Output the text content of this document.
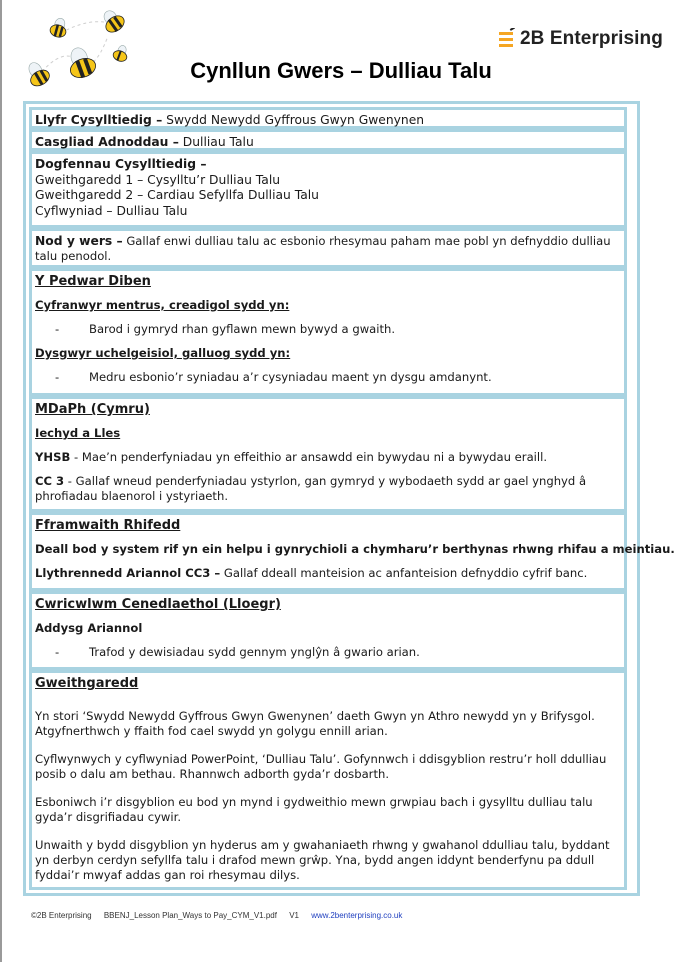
2B Enterprising
Cynllun Gwers – Dulliau Talu
Llyfr Cysylltiedig – Swydd Newydd Gyffrous Gwyn Gwenynen
Casgliad Adnoddau – Dulliau Talu
Dogfennau Cysylltiedig –
Gweithgaredd 1 – Cysylltu’r Dulliau Talu
Gweithgaredd 2 – Cardiau Sefyllfa Dulliau Talu
Cyflwyniad – Dulliau Talu
Nod y wers – Gallaf enwi dulliau talu ac esbonio rhesymau paham mae pobl yn defnyddio dulliau talu penodol.
Y Pedwar Diben
Cyfranwyr mentrus, creadigol sydd yn:
-	Barod i gymryd rhan gyflawn mewn bywyd a gwaith.
Dysgwyr uchelgeisiol, galluog sydd yn:
-	Medru esbonio’r syniadau a’r cysyniadau maent yn dysgu amdanynt.
MDaPh (Cymru)
Iechyd a Lles
YHSB - Mae’n penderfyniadau yn effeithio ar ansawdd ein bywydau ni a bywydau eraill.
CC 3 - Gallaf wneud penderfyniadau ystyrlon, gan gymryd y wybodaeth sydd ar gael ynghyd â phrofiadau blaenorol i ystyriaeth.
Fframwaith Rhifedd
Deall bod y system rif yn ein helpu i gynrychioli a chymharu’r berthynas rhwng rhifau a meintiau.
Llythrennedd Ariannol CC3 – Gallaf ddeall manteision ac anfanteision defnyddio cyfrif banc.
Cwricwlwm Cenedlaethol (Lloegr)
Addysg Ariannol
-	Trafod y dewisiadau sydd gennym ynglŷn â gwario arian.
Gweithgaredd
Yn stori ‘Swydd Newydd Gyffrous Gwyn Gwenynen’ daeth Gwyn yn Athro newydd yn y Brifysgol. Atgyfnerthwch y ffaith fod cael swydd yn golygu ennill arian.
Cyflwynwych y cyflwyniad PowerPoint, ‘Dulliau Talu’. Gofynnwch i ddisgyblion restru’r holl ddulliau posib o dalu am bethau. Rhannwch adborth gyda’r dosbarth.
Esboniwch i’r disgyblion eu bod yn mynd i gydweithio mewn grwpiau bach i gysylltu dulliau talu gyda’r disgrifiadau cywir.
Unwaith y bydd disgyblion yn hyderus am y gwahaniaeth rhwng y gwahanol ddulliau talu, byddant yn derbyn cerdyn sefyllfa talu i drafod mewn grŵp. Yna, bydd angen iddynt benderfynu pa ddull fyddai’r mwyaf addas gan roi rhesymau dilys.
©2B Enterprising BBENJ_Lesson Plan_Ways to Pay_CYM_V1.pdf V1 www.2benterprising.co.uk
